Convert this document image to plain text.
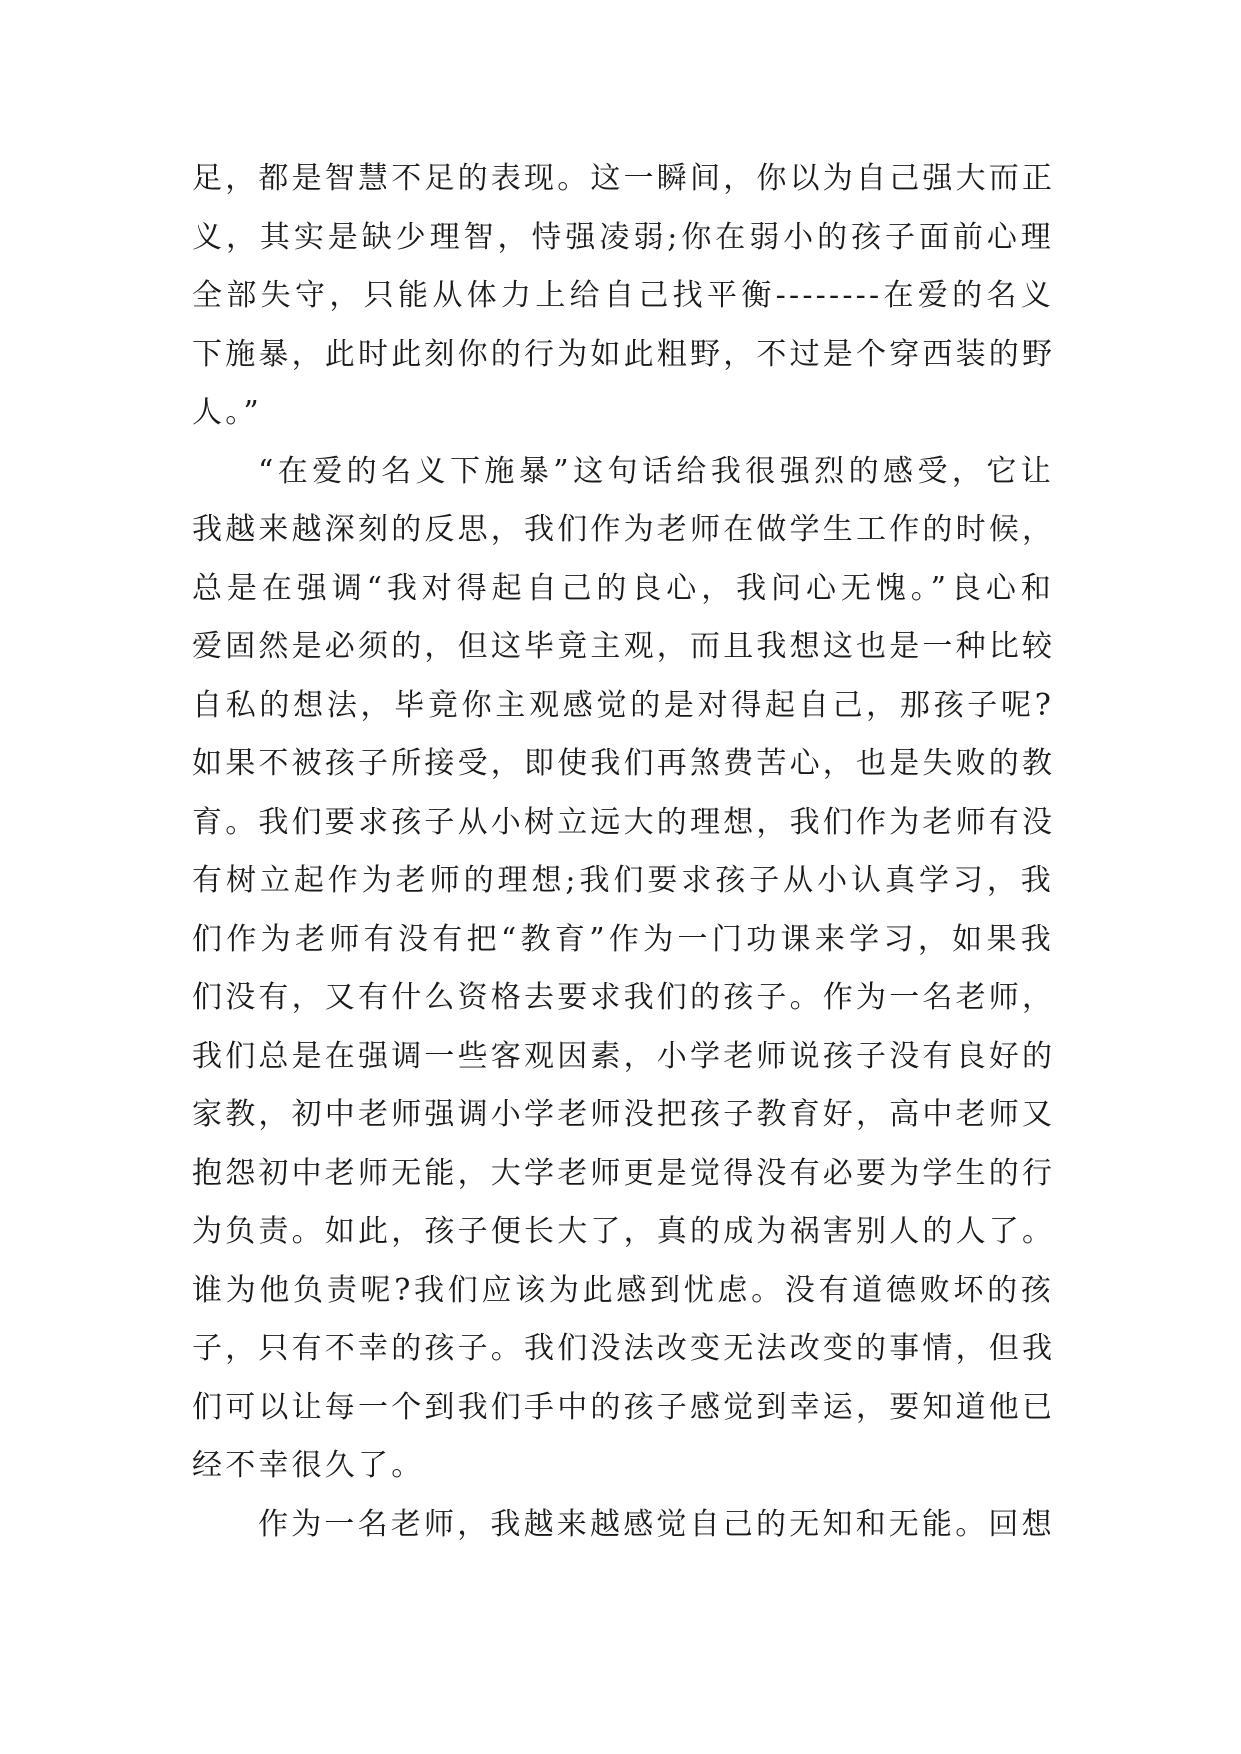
足，都是智慧不足的表现。这一瞬间，你以为自己强大而正
义，其实是缺少理智，恃强凌弱;你在弱小的孩子面前心理
全部失守，只能从体力上给自己找平衡--------在爱的名义
下施暴，此时此刻你的行为如此粗野，不过是个穿西装的野
人。”
“在爱的名义下施暴”这句话给我很强烈的感受，它让
我越来越深刻的反思，我们作为老师在做学生工作的时候，
总是在强调“我对得起自己的良心，我问心无愧。”良心和
爱固然是必须的，但这毕竟主观，而且我想这也是一种比较
自私的想法，毕竟你主观感觉的是对得起自己，那孩子呢?
如果不被孩子所接受，即使我们再煞费苦心，也是失败的教
育。我们要求孩子从小树立远大的理想，我们作为老师有没
有树立起作为老师的理想;我们要求孩子从小认真学习，我
们作为老师有没有把“教育”作为一门功课来学习，如果我
们没有，又有什么资格去要求我们的孩子。作为一名老师，
我们总是在强调一些客观因素，小学老师说孩子没有良好的
家教，初中老师强调小学老师没把孩子教育好，高中老师又
抱怨初中老师无能，大学老师更是觉得没有必要为学生的行
为负责。如此，孩子便长大了，真的成为祸害别人的人了。
谁为他负责呢?我们应该为此感到忧虑。没有道德败坏的孩
子，只有不幸的孩子。我们没法改变无法改变的事情，但我
们可以让每一个到我们手中的孩子感觉到幸运，要知道他已
经不幸很久了。
作为一名老师，我越来越感觉自己的无知和无能。回想
